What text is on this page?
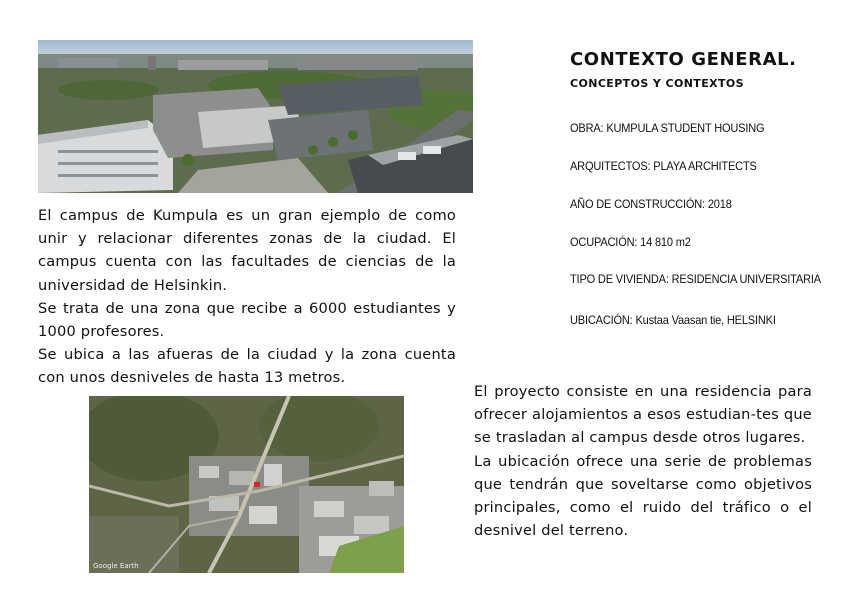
El campus de Kumpula es un gran ejemplo de como unir y relacionar diferentes zonas de la ciudad. El campus cuenta con las facultades de ciencias de la universidad de Helsinkin.
Se trata de una zona que recibe a 6000 estudiantes y 1000 profesores.
Se ubica a las afueras de la ciudad y la zona cuenta con unos desniveles de hasta 13 metros.

Google Earth
CONTEXTO GENERAL.
CONCEPTOS Y CONTEXTOS

OBRA: KUMPULA STUDENT HOUSING

ARQUITECTOS: PLAYA ARCHITECTS

AÑO DE CONSTRUCCIÓN: 2018

OCUPACIÓN: 14 810 m2

TIPO DE VIVIENDA: RESIDENCIA UNIVERSITARIA

UBICACIÓN: Kustaa Vaasan tie, HELSINKI

El proyecto consiste en una residencia para ofrecer alojamientos a esos estudian-tes que se trasladan al campus desde otros lugares.
La ubicación ofrece una serie de problemas que tendrán que soveltarse como objetivos principales, como el ruido del tráfico o el desnivel del terreno.
